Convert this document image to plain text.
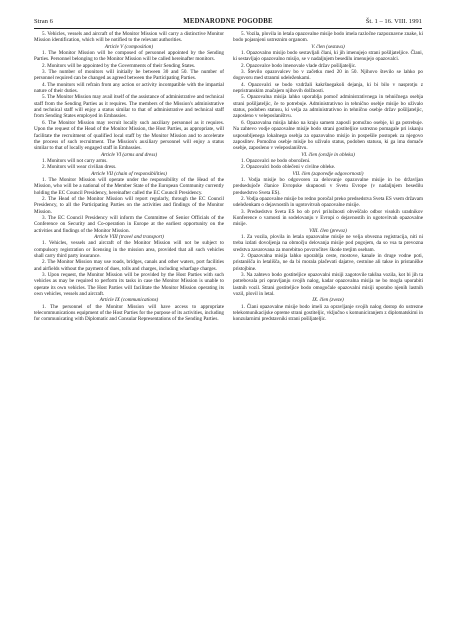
Stran 6	MEDNARODNE POGODBE	Št. 1 – 16. VIII. 1991

5. Vehicles, vessels and aircraft of the Monitor Mission will carry a distinctive Monitor Mission identification, which will be notified to the relevant authorities.

Article V (composition)

1. The Monitor Mission will be composed of personnel appointed by the Sending Parties. Personnel belonging to the Monitor Mission will be called hereinafter monitors.

2. Monitors will be appointed by the Governments of their Sending States.

3. The number of monitors will initially be between 30 and 50. The number of personnel required can be changed as agreed between the Participating Parties.

4. The monitors will refrain from any action or activity incompatible with the impartial nature of their duties.

5. The Monitor Mission may avail itself of the assistance of administrative and technical staff from the Sending Parties as it requires. The members of the Mission's administrative and technical staff will enjoy a status similar to that of administrative and technical staff from Sending States employed in Embassies.

6. The Monitor Mission may recruit locally such auxiliary personnel as it requires. Upon the request of the Head of the Monitor Mission, the Host Parties, as appropriate, will facilitate the recruitment of qualified local staff by the Monitor Mission and to accelerate the process of such recruitment. The Mission's auxiliary personnel will enjoy a status similar to that of locally engaged staff in Embassies.

Article VI (arms and dress)

1. Monitors will not carry arms.

2. Monitors will wear civilian dress.

Article VII (chain of responsibilities)

1. The Monitor Mission will operate under the responsibility of the Head of the Mission, who will be a national of the Member State of the European Community currently holding the EC Council Presidency, hereinafter called the EC Council Presidency.

2. The Head of the Monitor Mission will report regularly, through the EC Council Presidency, to all the Participating Parties on the activities and findings of the Monitor Mission.

3. The EC Council Presidency will inform the Committee of Senior Officials of the Conference on Security and Co-operation in Europe at the earliest opportunity on the activities and findings of the Monitor Mission.

Article VIII (travel and transport)

1. Vehicles, vessels and aircraft of the Monitor Mission will not be subject to compulsory registration or licensing in the mission area, provided that all such vehicles shall carry third party insurance.

2. The Monitor Mission may use roads, bridges, canals and other waters, port facilities and airfields without the payment of dues, tolls and charges, including wharfage charges.

3. Upon request, the Monitor Mission will be provided by the Host Parties with such vehicles as may be required to perform its tasks in case the Monitor Mission is unable to operate its own vehicles. The Host Parties will facilitate the Monitor Mission operating its own vehicles, vessels and aircraft.

Article IX (communications)

1. The personnel of the Monitor Mission will have access to appropriate telecommunications equipment of the Host Parties for the purpose of its activities, including for communicating with Diplomatic and Consular Representations of the Sending Parties.

5. Vozila, plovila in letala opazovalne misije bodo imela razločne razpoznavne znake, ki bodo pojasnjeni ustreznim organom.

V. člen (sestava)

1. Opazovalno misijo bodo sestavljali člani, ki jih imenujejo strani pošiljateljice. Člani, ki sestavljajo opazovalno misijo, se v nadaljnjem besedilu imenujejo opazovalci.

2. Opazovalce bodo imenovale vlade držav pošiljateljic.

3. Število opazovalcev bo v začetku med 20 in 50. Njihovo število se lahko po dogovoru med stranmi udeleženkami.

4. Opazovalci se bodo vzdržali kakršnegakoli dejanja, ki bi bilo v nasprotju z nepristranskim značajem njihovih dolžnosti.

5. Opazovalna misija lahko uporablja pomoč administrativnega in tehničnega osebja strani pošiljateljic, če to potrebuje. Administrativno in tehnično osebje misije bo uživalo status, podoben statusu, ki velja za administrativno in tehnično osebje držav pošiljateljic, zaposleno v veleposlaništvu.

6. Opazovalna misija lahko na kraju samem zaposli pomožno osebje, ki ga potrebuje. Na zahtevo vodje opazovalne misije bodo strani gostiteljice ustrezno pomagale pri iskanju usposobljenega lokalnega osebja za opazovalno misijo in pospešile postopek za njegovo zaposlitev. Pomožno osebje misije bo uživalo status, podoben statusu, ki ga ima domače osebje, zaposleno v veleposlaništvu.

VI. člen (orožje in obleka)

1. Opazovalci ne bodo oboroženi.

2. Opazovalci bodo oblečeni v civilne obleke.

VII. člen (zaporedje odgovornosti)

1. Vodja misije bo odgovoren za delovanje opazovalne misije in bo državljan predsedujoče članice Evropske skupnosti v Svetu Evrope (v nadaljnjem besedilu predsedstvo Sveta ES).

2. Vodja opazovalne misije bo redno poročal preko predsedstva Sveta ES vsem državam udeleženkam o dejavnostih in ugotovitvah opazovalne misije.

3. Predsedstvo Sveta ES bo ob prvi priložnosti obveščalo odbor visokih uradnikov Konference o varnosti in sodelovanju v Evropi o dejavnostih in ugotovitvah opazovalne misije.

VIII. člen (prevoz)

1. Za vozila, plovila in letala opazovalne misije ne velja obvezna registracija, niti ni treba izdati dovoljenja na območju delovanja misije pod pogojem, da so vsa ta prevozna sredstva zavarovana za morebitno povzročitev škode tretjim osebam.

2. Opazovalna misija lahko uporablja ceste, mostove, kanale in druge vodne poti, pristanišča in letališča, ne da bi morala plačevati dajatve, cestnine ali takse in pristaniške pristojbine.

3. Na zahtevo bodo gostiteljice opazovalni misiji zagotovile takšna vozila, kot bi jih ta potrebovala pri opravljanju svojih nalog, kadar opazovalna misija ne bo mogla uporabiti lastnih vozil. Strani gostiteljice bodo omogočale opazovalni misiji uporabo njenih lastnih vozil, plovil in letal.

IX. člen (zveze)

1. Člani opazovalne misije bodo imeli za opravljanje svojih nalog dostop do ustrezne telekomunikacijske opreme strani gostiteljic, vključno s komuniciranjem z diplomatskimi in konzularnimi predstavniki strani pošiljateljic.
